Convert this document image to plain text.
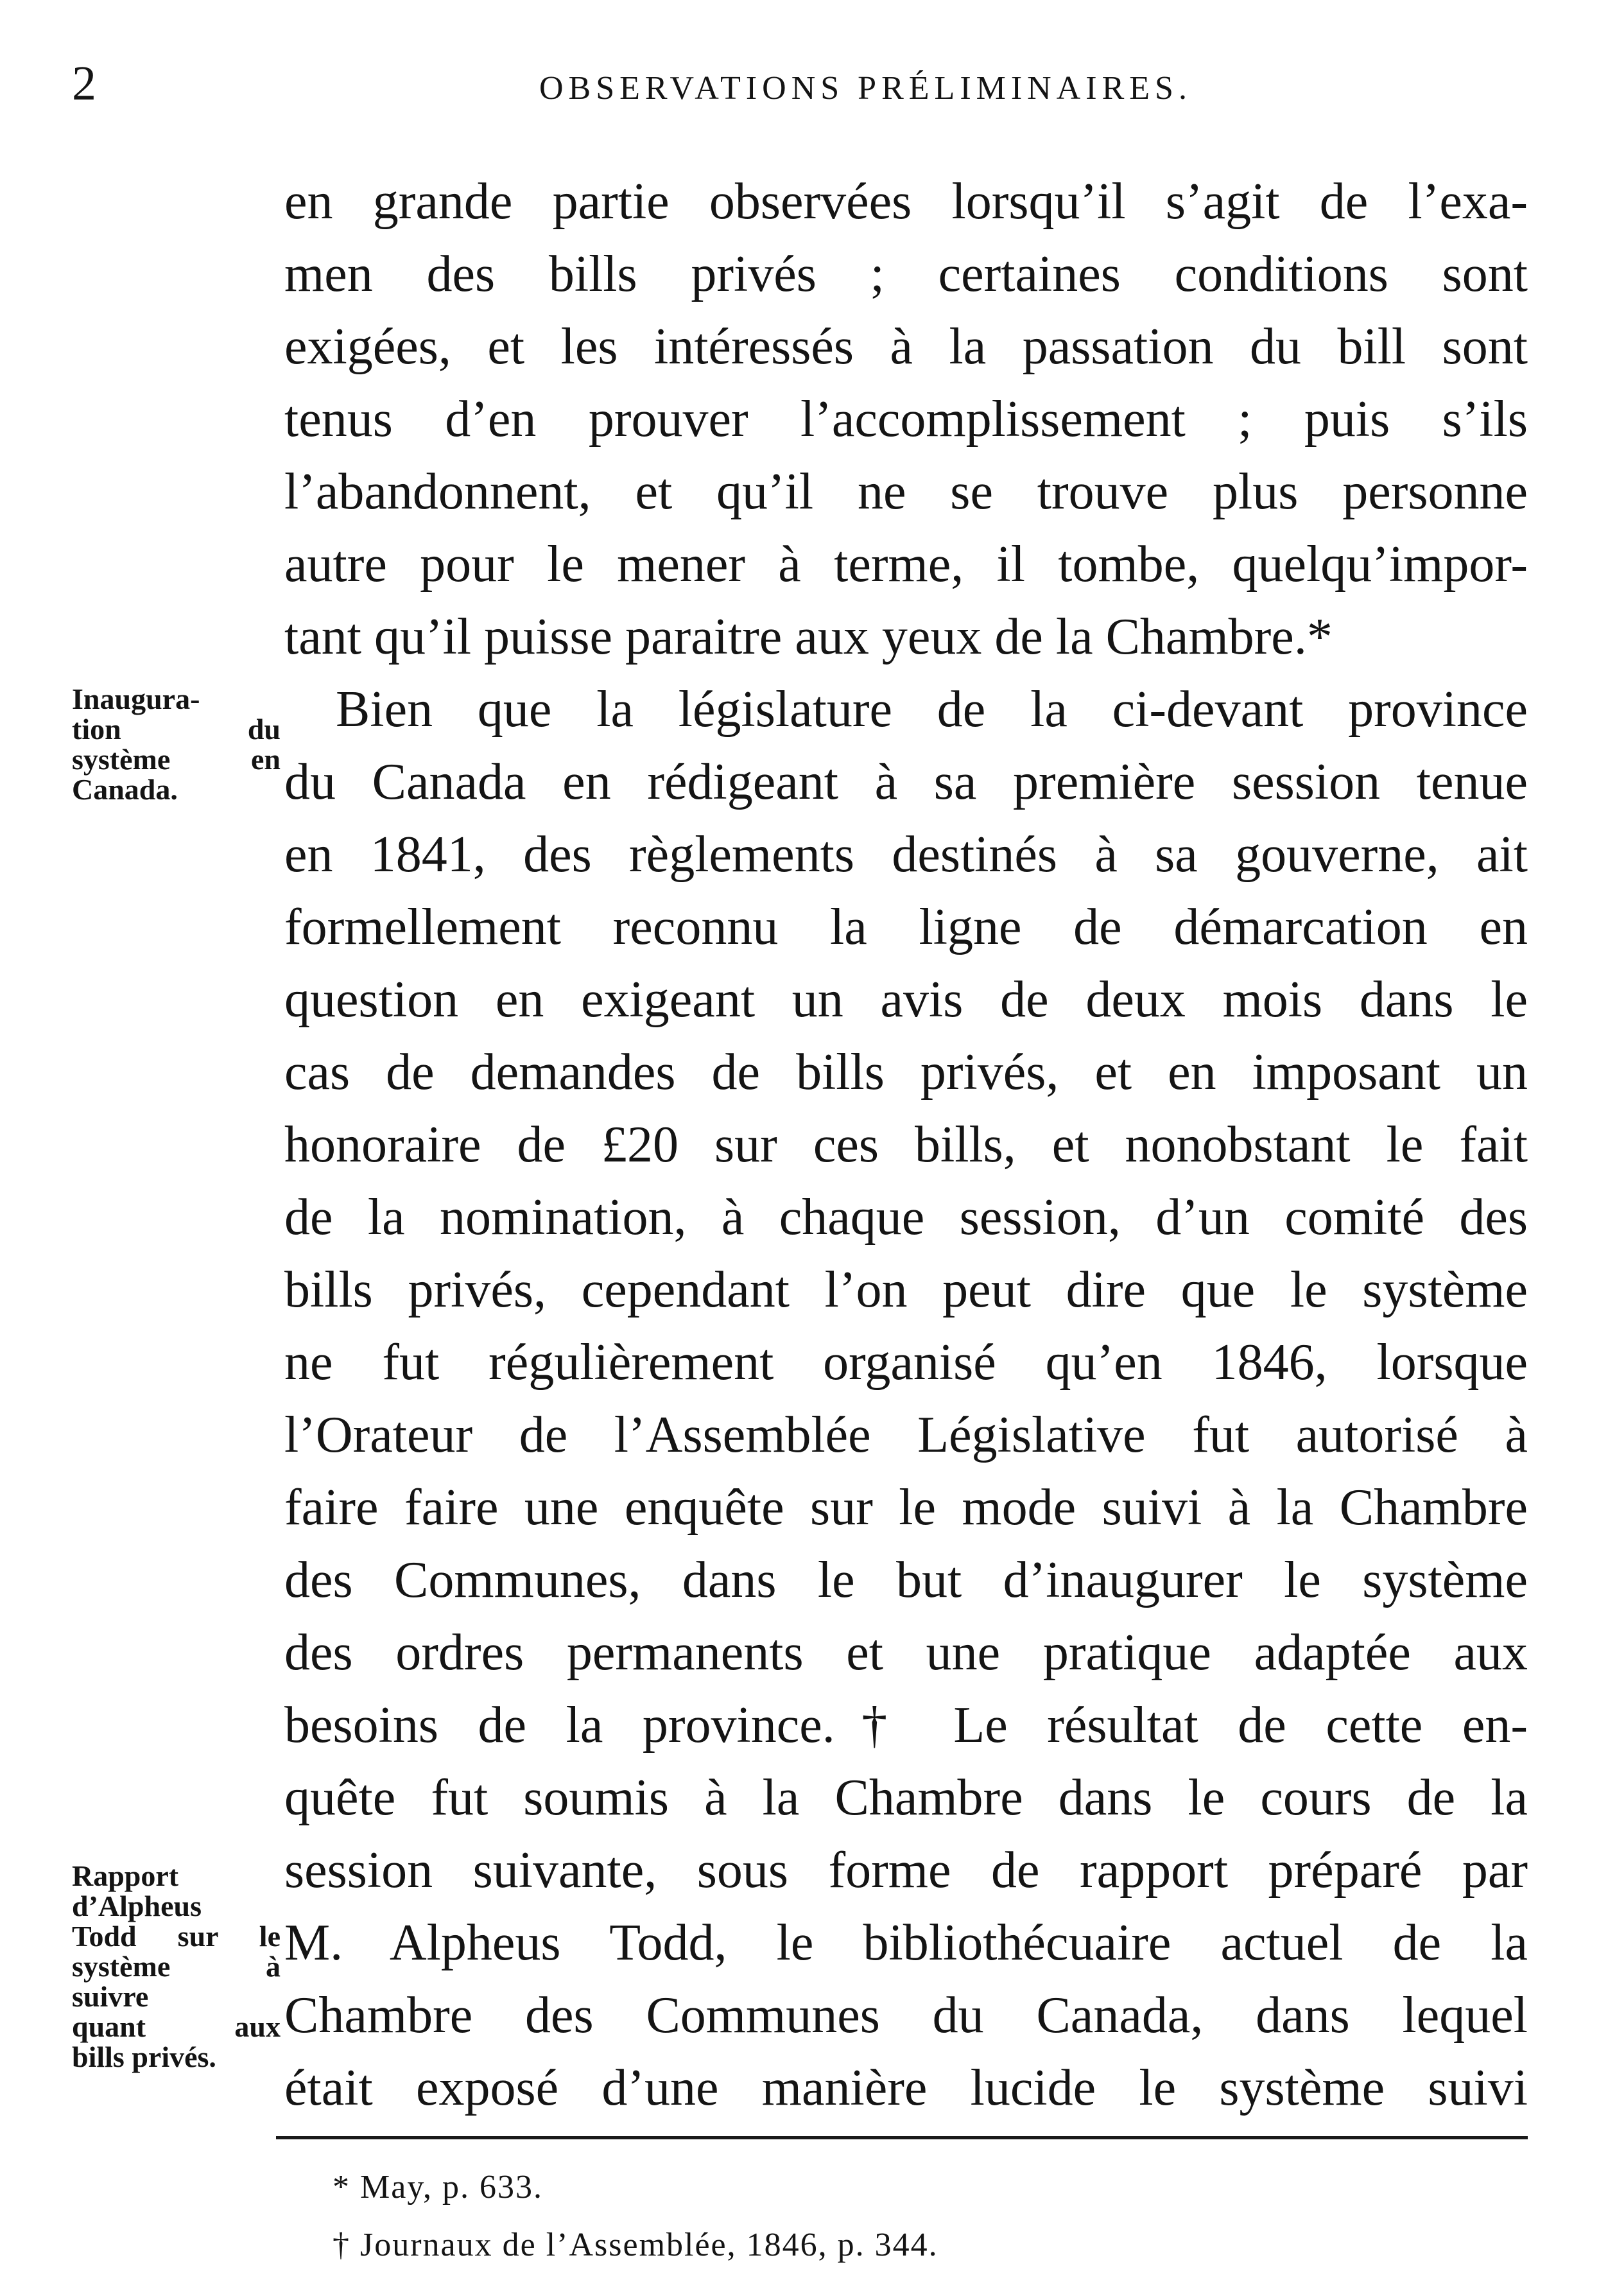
2	OBSERVATIONS PRÉLIMINAIRES.
Inaugura-
tion du
système en
Canada.
Rapport
d’Alpheus
Todd sur le
système à
suivre
quant aux
bills privés.
en grande partie observées lorsqu’il s’agit de l’exa-
men des bills privés ; certaines conditions sont
exigées, et les intéressés à la passation du bill sont
tenus d’en prouver l’accomplissement ; puis s’ils
l’abandonnent, et qu’il ne se trouve plus personne
autre pour le mener à terme, il tombe, quelqu’impor-
tant qu’il puisse paraitre aux yeux de la Chambre.*
Bien que la législature de la ci-devant province
du Canada en rédigeant à sa première session tenue
en 1841, des règlements destinés à sa gouverne, ait
formellement reconnu la ligne de démarcation en
question en exigeant un avis de deux mois dans le
cas de demandes de bills privés, et en imposant un
honoraire de £20 sur ces bills, et nonobstant le fait
de la nomination, à chaque session, d’un comité des
bills privés, cependant l’on peut dire que le système
ne fut régulièrement organisé qu’en 1846, lorsque
l’Orateur de l’Assemblée Législative fut autorisé à
faire faire une enquête sur le mode suivi à la Chambre
des Communes, dans le but d’inaugurer le système
des ordres permanents et une pratique adaptée aux
besoins de la province.† Le résultat de cette en-
quête fut soumis à la Chambre dans le cours de la
session suivante, sous forme de rapport préparé par
M. Alpheus Todd, le bibliothécuaire actuel de la
Chambre des Communes du Canada, dans lequel
était exposé d’une manière lucide le système suivi
* May, p. 633.
† Journaux de l’Assemblée, 1846, p. 344.
